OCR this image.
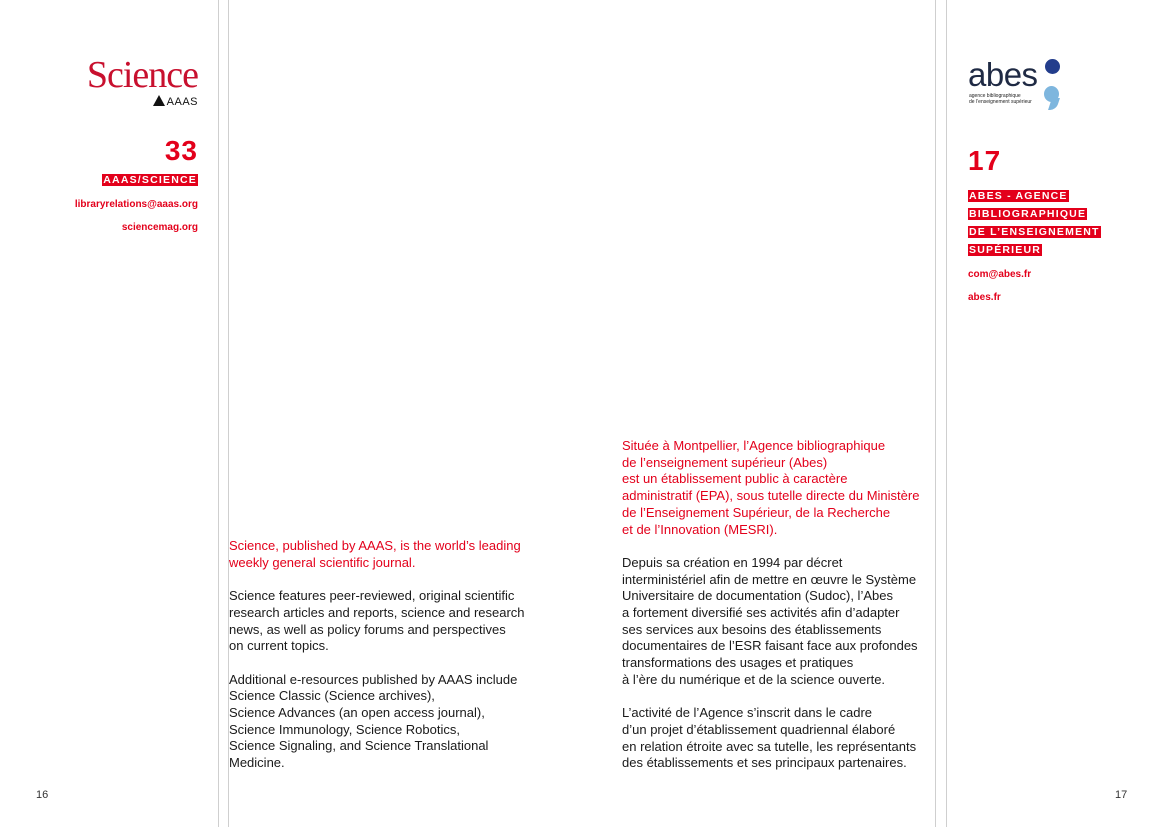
Science
AAAS
33
AAAS/SCIENCE
libraryrelations@aaas.org
sciencemag.org

Science, published by AAAS, is the world’s leading
weekly general scientific journal.

Science features peer-reviewed, original scientific
research articles and reports, science and research
news, as well as policy forums and perspectives
on current topics.

Additional e-resources published by AAAS include
Science Classic (Science archives),
Science Advances (an open access journal),
Science Immunology, Science Robotics,
Science Signaling, and Science Translational
Medicine.

Située à Montpellier, l’Agence bibliographique
de l’enseignement supérieur (Abes)
est un établissement public à caractère
administratif (EPA), sous tutelle directe du Ministère
de l’Enseignement Supérieur, de la Recherche
et de l’Innovation (MESRI).

Depuis sa création en 1994 par décret
interministériel afin de mettre en œuvre le Système
Universitaire de documentation (Sudoc), l’Abes
a fortement diversifié ses activités afin d’adapter
ses services aux besoins des établissements
documentaires de l’ESR faisant face aux profondes
transformations des usages et pratiques
à l’ère du numérique et de la science ouverte.

L’activité de l’Agence s’inscrit dans le cadre
d’un projet d’établissement quadriennal élaboré
en relation étroite avec sa tutelle, les représentants
des établissements et ses principaux partenaires.

abes
agence bibliographique
de l’enseignement supérieur
17
ABES - AGENCE
BIBLIOGRAPHIQUE
DE L’ENSEIGNEMENT
SUPÉRIEUR
com@abes.fr
abes.fr
16	17
